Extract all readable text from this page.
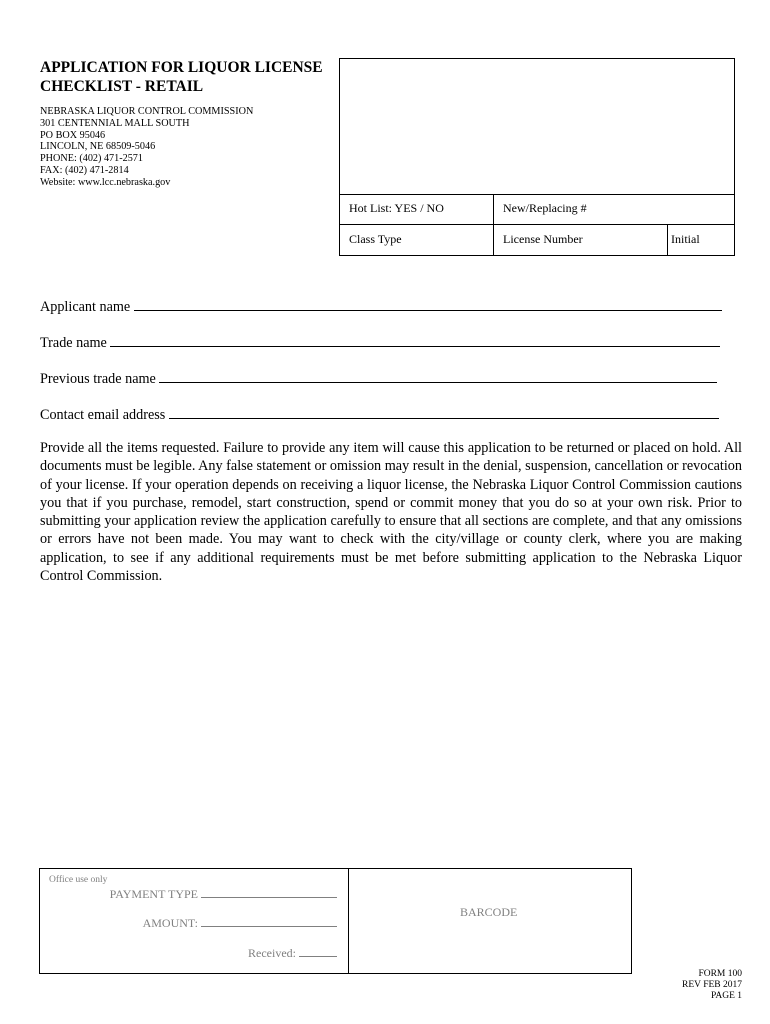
APPLICATION FOR LIQUOR LICENSE
CHECKLIST - RETAIL
NEBRASKA LIQUOR CONTROL COMMISSION
301 CENTENNIAL MALL SOUTH
PO BOX 95046
LINCOLN, NE 68509-5046
PHONE: (402) 471-2571
FAX: (402) 471-2814
Website: www.lcc.nebraska.gov
Hot List: YES / NO	New/Replacing #
Class Type	License Number	Initial
Applicant name
Trade name
Previous trade name
Contact email address
Provide all the items requested. Failure to provide any item will cause this application to be returned or placed on hold. All documents must be legible. Any false statement or omission may result in the denial, suspension, cancellation or revocation of your license. If your operation depends on receiving a liquor license, the Nebraska Liquor Control Commission cautions you that if you purchase, remodel, start construction, spend or commit money that you do so at your own risk. Prior to submitting your application review the application carefully to ensure that all sections are complete, and that any omissions or errors have not been made. You may want to check with the city/village or county clerk, where you are making application, to see if any additional requirements must be met before submitting application to the Nebraska Liquor Control Commission.
Office use only
PAYMENT TYPE
AMOUNT:
Received:
BARCODE
FORM 100
REV FEB 2017
PAGE 1
